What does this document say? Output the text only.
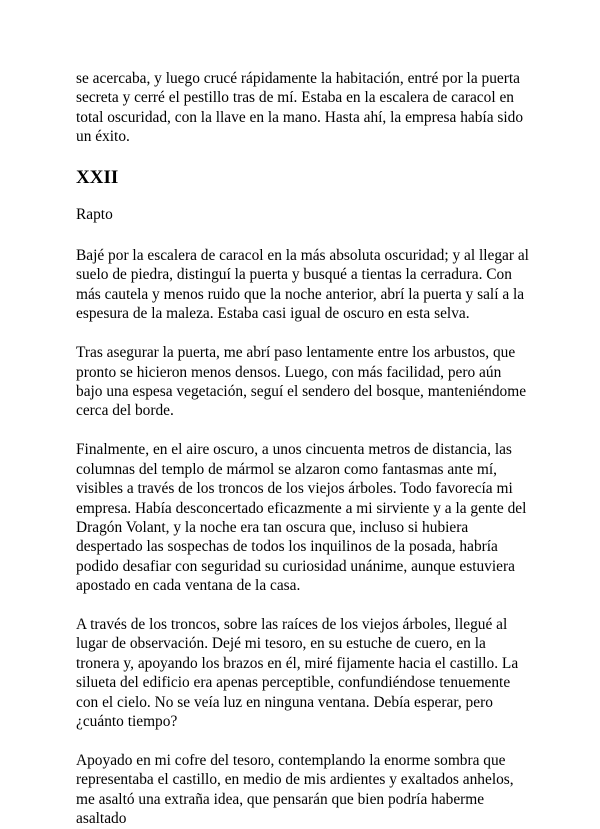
se acercaba, y luego crucé rápidamente la habitación, entré por la puerta secreta y cerré el pestillo tras de mí. Estaba en la escalera de caracol en total oscuridad, con la llave en la mano. Hasta ahí, la empresa había sido un éxito.

XXII

Rapto

Bajé por la escalera de caracol en la más absoluta oscuridad; y al llegar al suelo de piedra, distinguí la puerta y busqué a tientas la cerradura. Con más cautela y menos ruido que la noche anterior, abrí la puerta y salí a la espesura de la maleza. Estaba casi igual de oscuro en esta selva.

Tras asegurar la puerta, me abrí paso lentamente entre los arbustos, que pronto se hicieron menos densos. Luego, con más facilidad, pero aún bajo una espesa vegetación, seguí el sendero del bosque, manteniéndome cerca del borde.

Finalmente, en el aire oscuro, a unos cincuenta metros de distancia, las columnas del templo de mármol se alzaron como fantasmas ante mí, visibles a través de los troncos de los viejos árboles. Todo favorecía mi empresa. Había desconcertado eficazmente a mi sirviente y a la gente del Dragón Volant, y la noche era tan oscura que, incluso si hubiera despertado las sospechas de todos los inquilinos de la posada, habría podido desafiar con seguridad su curiosidad unánime, aunque estuviera apostado en cada ventana de la casa.

A través de los troncos, sobre las raíces de los viejos árboles, llegué al lugar de observación. Dejé mi tesoro, en su estuche de cuero, en la tronera y, apoyando los brazos en él, miré fijamente hacia el castillo. La silueta del edificio era apenas perceptible, confundiéndose tenuemente con el cielo. No se veía luz en ninguna ventana. Debía esperar, pero ¿cuánto tiempo?

Apoyado en mi cofre del tesoro, contemplando la enorme sombra que representaba el castillo, en medio de mis ardientes y exaltados anhelos, me asaltó una extraña idea, que pensarán que bien podría haberme asaltado
